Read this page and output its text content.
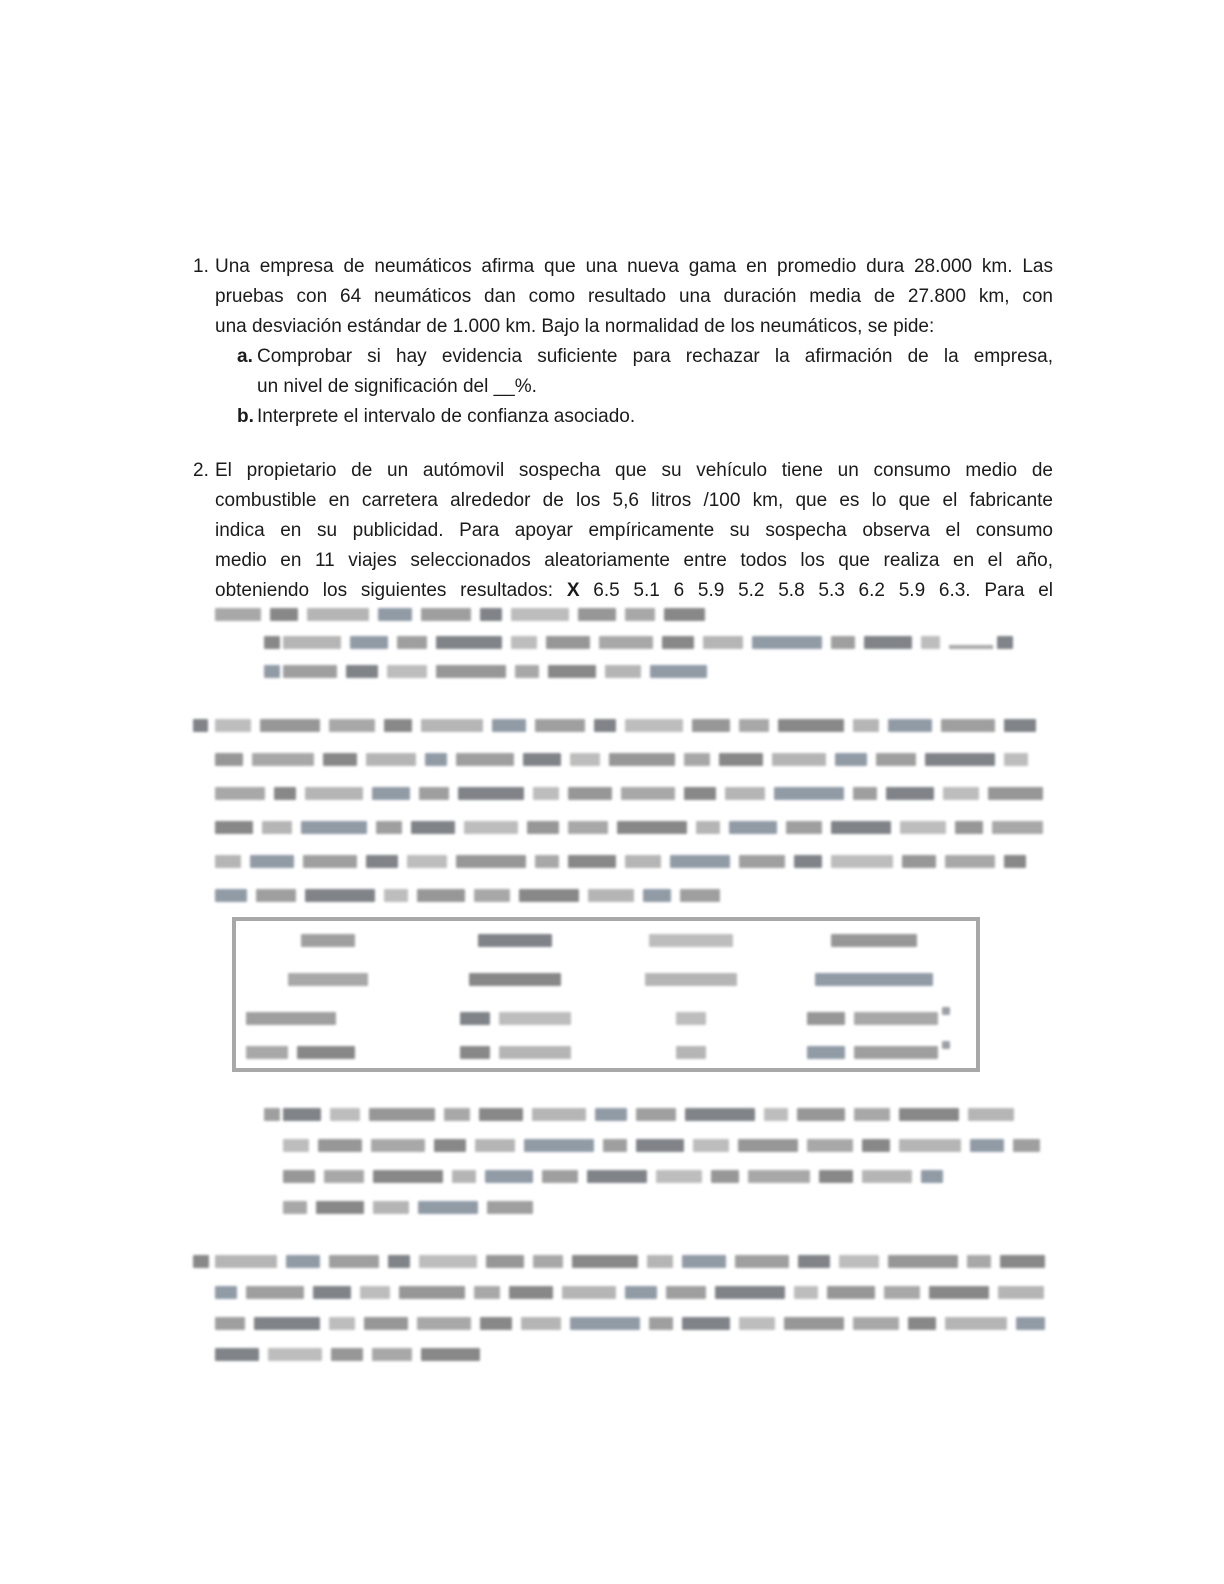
1. Una empresa de neumáticos afirma que una nueva gama en promedio dura 28.000 km. Las
pruebas con 64 neumáticos dan como resultado una duración media de 27.800 km, con
una desviación estándar de 1.000 km. Bajo la normalidad de los neumáticos, se pide:
a. Comprobar si hay evidencia suficiente para rechazar la afirmación de la empresa,
un nivel de significación del __%.
b. Interprete el intervalo de confianza asociado.
2. El propietario de un autómovil sospecha que su vehículo tiene un consumo medio de
combustible en carretera alrededor de los 5,6 litros /100 km, que es lo que el fabricante
indica en su publicidad. Para apoyar empíricamente su sospecha observa el consumo
medio en 11 viajes seleccionados aleatoriamente entre todos los que realiza en el año,
obteniendo los siguientes resultados: X 6.5 5.1 6 5.9 5.2 5.8 5.3 6.2 5.9 6.3. Para el
